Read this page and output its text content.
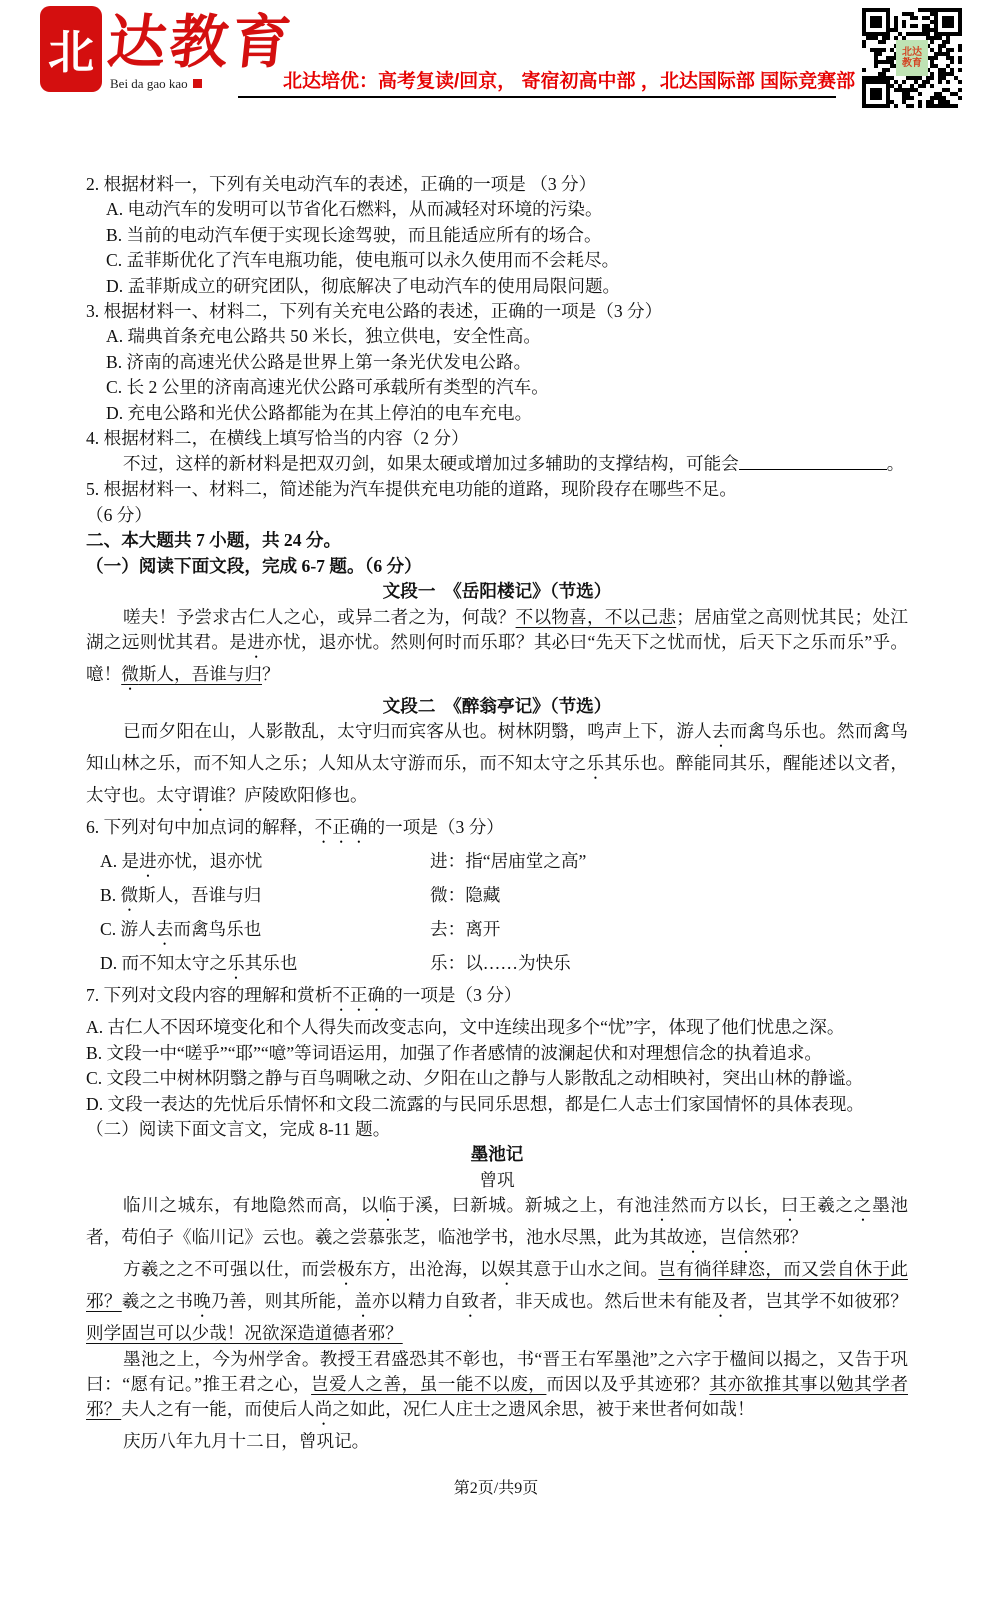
北 达教育
Bei da gao kao	北达培优：高考复读/回京， 寄宿初高中部 ，北达国际部 国际竞赛部
北达
教育

2. 根据材料一，下列有关电动汽车的表述，正确的一项是 （3 分）

A. 电动汽车的发明可以节省化石燃料，从而减轻对环境的污染。

B. 当前的电动汽车便于实现长途驾驶，而且能适应所有的场合。

C. 孟菲斯优化了汽车电瓶功能，使电瓶可以永久使用而不会耗尽。

D. 孟菲斯成立的研究团队，彻底解决了电动汽车的使用局限问题。

3. 根据材料一、材料二，下列有关充电公路的表述，正确的一项是（3 分）

A. 瑞典首条充电公路共 50 米长，独立供电，安全性高。

B. 济南的高速光伏公路是世界上第一条光伏发电公路。

C. 长 2 公里的济南高速光伏公路可承载所有类型的汽车。

D. 充电公路和光伏公路都能为在其上停泊的电车充电。

4. 根据材料二，在横线上填写恰当的内容（2 分）

不过，这样的新材料是把双刃剑，如果太硬或增加过多辅助的支撑结构，可能会	。

5. 根据材料一、材料二，简述能为汽车提供充电功能的道路，现阶段存在哪些不足。

（6 分）

二、本大题共 7 小题，共 24 分。

（一）阅读下面文段，完成 6-7 题。（6 分）

文段一　《岳阳楼记》（节选）

嗟夫！予尝求古仁人之心，或异二者之为，何哉？不以物喜，不以己悲；居庙堂之高则忧其民；处江湖之远则忧其君。是进亦忧，退亦忧。然则何时而乐耶？其必曰“先天下之忧而忧，后天下之乐而乐”乎。噫！微斯人，吾谁与归？

文段二　《醉翁亭记》（节选）

已而夕阳在山，人影散乱，太守归而宾客从也。树林阴翳，鸣声上下，游人去而禽鸟乐也。然而禽鸟知山林之乐，而不知人之乐；人知从太守游而乐，而不知太守之乐其乐也。醉能同其乐，醒能述以文者，太守也。太守谓谁？庐陵欧阳修也。

6. 下列对句中加点词的解释，不正确的一项是（3 分）

A. 是进亦忧，退亦忧	进：指“居庙堂之高”
B. 微斯人，吾谁与归	微：隐藏
C. 游人去而禽鸟乐也	去：离开
D. 而不知太守之乐其乐也	乐：以……为快乐

7. 下列对文段内容的理解和赏析不正确的一项是（3 分）

A. 古仁人不因环境变化和个人得失而改变志向，文中连续出现多个“忧”字，体现了他们忧患之深。

B. 文段一中“嗟乎”“耶”“噫”等词语运用，加强了作者感情的波澜起伏和对理想信念的执着追求。

C. 文段二中树林阴翳之静与百鸟啁啾之动、夕阳在山之静与人影散乱之动相映衬，突出山林的静谧。

D. 文段一表达的先忧后乐情怀和文段二流露的与民同乐思想，都是仁人志士们家国情怀的具体表现。

（二）阅读下面文言文，完成 8-11 题。

墨池记

曾巩

临川之城东，有地隐然而高，以临于溪，曰新城。新城之上，有池洼然而方以长，曰王羲之之墨池者，苟伯子《临川记》云也。羲之尝慕张芝，临池学书，池水尽黑，此为其故迹，岂信然邪？

方羲之之不可强以仕，而尝极东方，出沧海，以娱其意于山水之间。岂有徜徉肆恣，而又尝自休于此邪？羲之之书晚乃善，则其所能，盖亦以精力自致者，非天成也。然后世未有能及者，岂其学不如彼邪？则学固岂可以少哉！况欲深造道德者邪？

墨池之上，今为州学舍。教授王君盛恐其不彰也，书“晋王右军墨池”之六字于楹间以揭之，又告于巩曰：“愿有记。”推王君之心，岂爱人之善，虽一能不以废，而因以及乎其迹邪？其亦欲推其事以勉其学者邪？夫人之有一能，而使后人尚之如此，况仁人庄士之遗风余思，被于来世者何如哉！

庆历八年九月十二日，曾巩记。

第2页/共9页
